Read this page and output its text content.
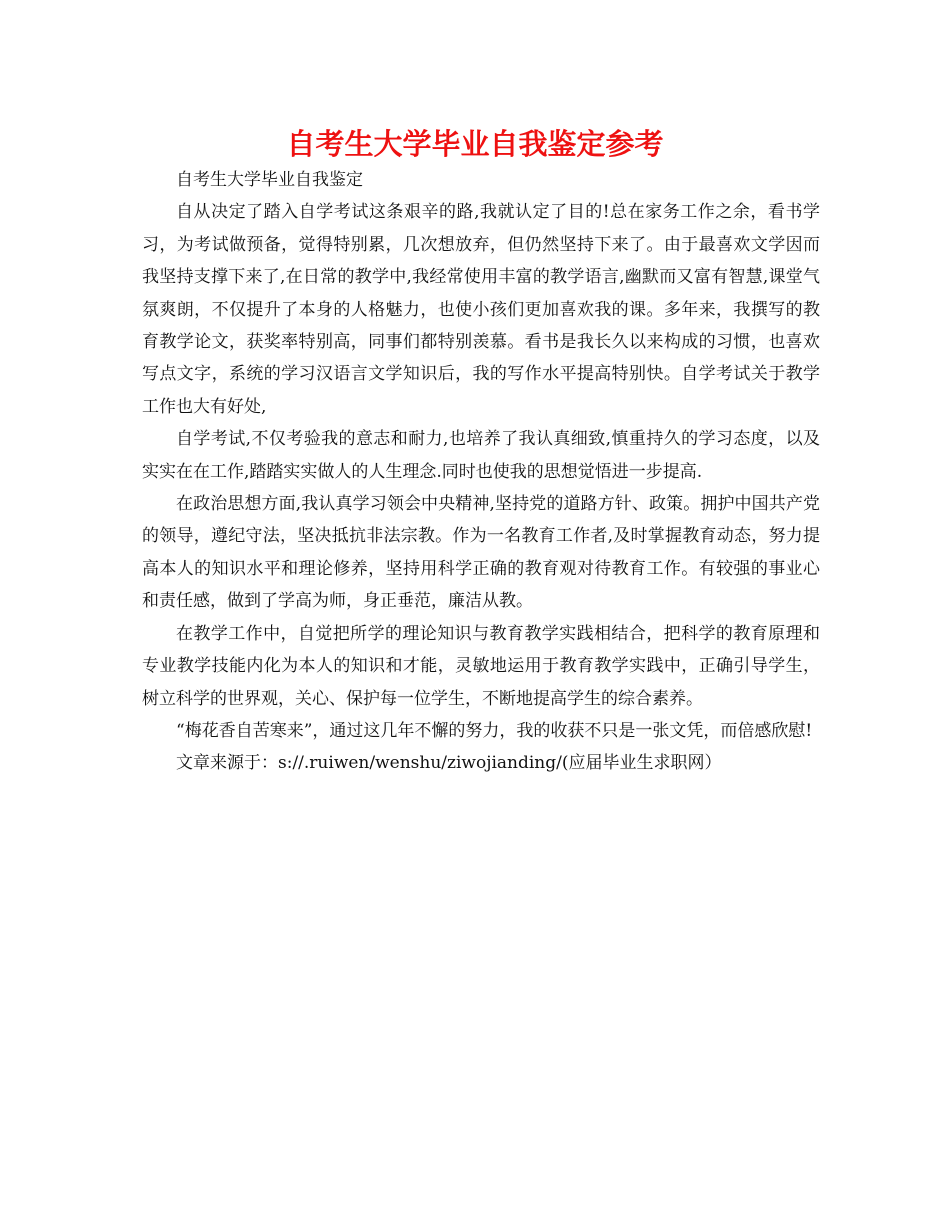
自考生大学毕业自我鉴定参考

自考生大学毕业自我鉴定

自从决定了踏入自学考试这条艰辛的路,我就认定了目的!总在家务工作之余，看书学习，为考试做预备，觉得特别累，几次想放弃，但仍然坚持下来了。由于最喜欢文学因而我坚持支撑下来了,在日常的教学中,我经常使用丰富的教学语言,幽默而又富有智慧,课堂气氛爽朗，不仅提升了本身的人格魅力，也使小孩们更加喜欢我的课。多年来，我撰写的教育教学论文，获奖率特别高，同事们都特别羡慕。看书是我长久以来构成的习惯，也喜欢写点文字，系统的学习汉语言文学知识后，我的写作水平提高特别快。自学考试关于教学工作也大有好处,

自学考试,不仅考验我的意志和耐力,也培养了我认真细致,慎重持久的学习态度，以及实实在在工作,踏踏实实做人的人生理念.同时也使我的思想觉悟进一步提高.

在政治思想方面,我认真学习领会中央精神,坚持党的道路方针、政策。拥护中国共产党的领导，遵纪守法，坚决抵抗非法宗教。作为一名教育工作者,及时掌握教育动态，努力提高本人的知识水平和理论修养，坚持用科学正确的教育观对待教育工作。有较强的事业心和责任感，做到了学高为师，身正垂范，廉洁从教。

在教学工作中，自觉把所学的理论知识与教育教学实践相结合，把科学的教育原理和专业教学技能内化为本人的知识和才能，灵敏地运用于教育教学实践中，正确引导学生，树立科学的世界观，关心、保护每一位学生，不断地提高学生的综合素养。

“梅花香自苦寒来”，通过这几年不懈的努力，我的收获不只是一张文凭，而倍感欣慰!

文章来源于：s://.ruiwen/wenshu/ziwojianding/(应届毕业生求职网）
